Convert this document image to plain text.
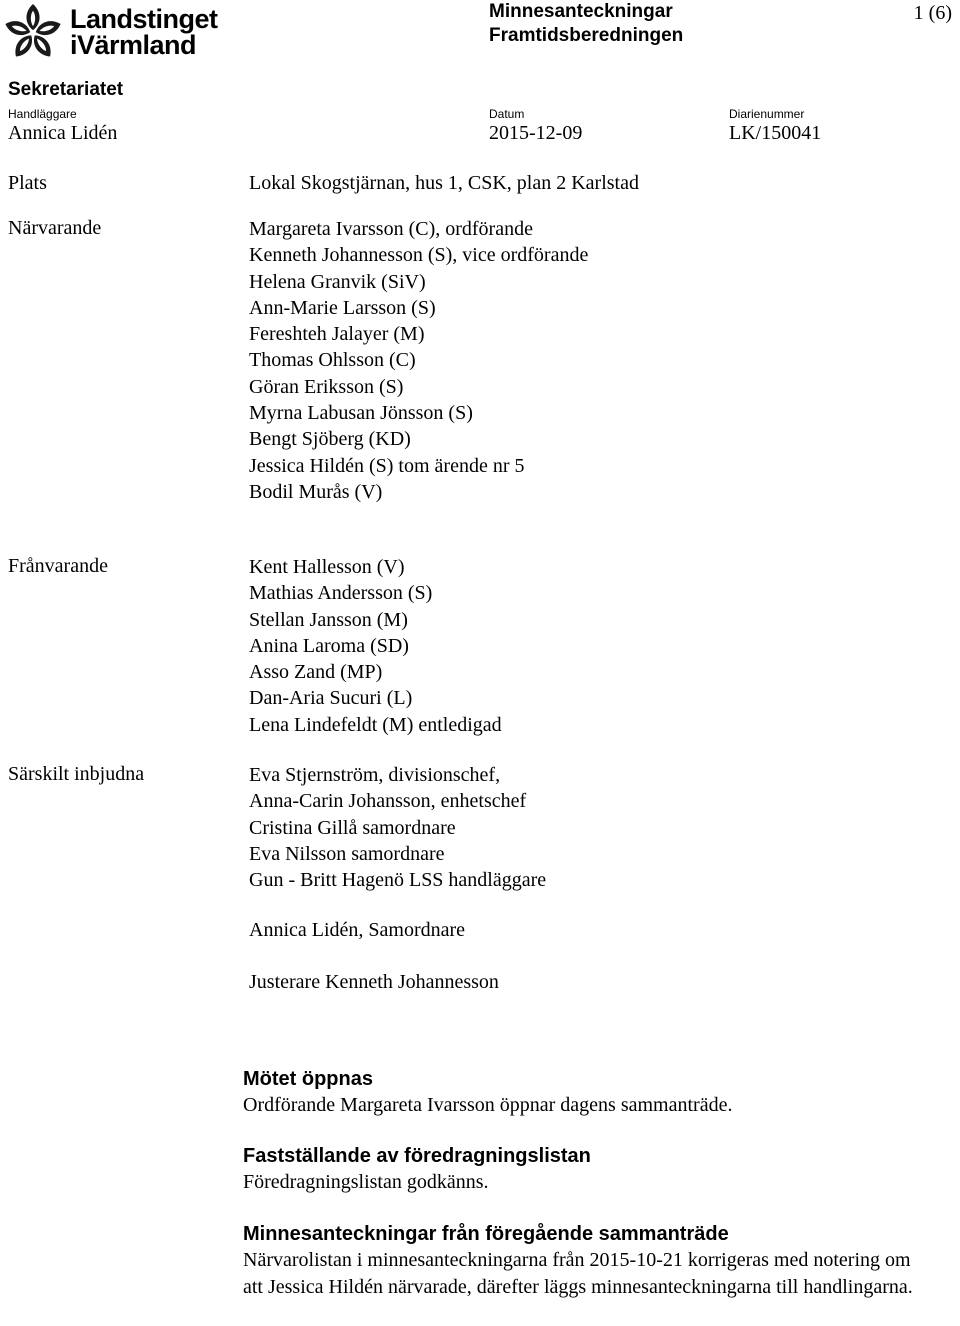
Landstinget
iVärmland
Minnesanteckningar
Framtidsberedningen
1 (6)
Sekretariatet
Handläggare
Annica Lidén
Datum
2015-12-09
Diarienummer
LK/150041
Plats	Lokal Skogstjärnan, hus 1, CSK, plan 2 Karlstad
Närvarande	Margareta Ivarsson (C), ordförande
Kenneth Johannesson (S), vice ordförande
Helena Granvik (SiV)
Ann-Marie Larsson (S)
Fereshteh Jalayer (M)
Thomas Ohlsson (C)
Göran Eriksson (S)
Myrna Labusan Jönsson (S)
Bengt Sjöberg (KD)
Jessica Hildén (S) tom ärende nr 5
Bodil Murås (V)
Frånvarande	Kent Hallesson (V)
Mathias Andersson (S)
Stellan Jansson (M)
Anina Laroma (SD)
Asso Zand (MP)
Dan-Aria Sucuri (L)
Lena Lindefeldt (M) entledigad
Särskilt inbjudna	Eva Stjernström, divisionschef,
Anna-Carin Johansson, enhetschef
Cristina Gillå samordnare
Eva Nilsson samordnare
Gun - Britt Hagenö LSS handläggare
Annica Lidén, Samordnare
Justerare Kenneth Johannesson
Mötet öppnas

Ordförande Margareta Ivarsson öppnar dagens sammanträde.

Fastställande av föredragningslistan

Föredragningslistan godkänns.

Minnesanteckningar från föregående sammanträde

Närvarolistan i minnesanteckningarna från 2015-10-21 korrigeras med notering om att Jessica Hildén närvarade, därefter läggs minnesanteckningarna till handlingarna.
